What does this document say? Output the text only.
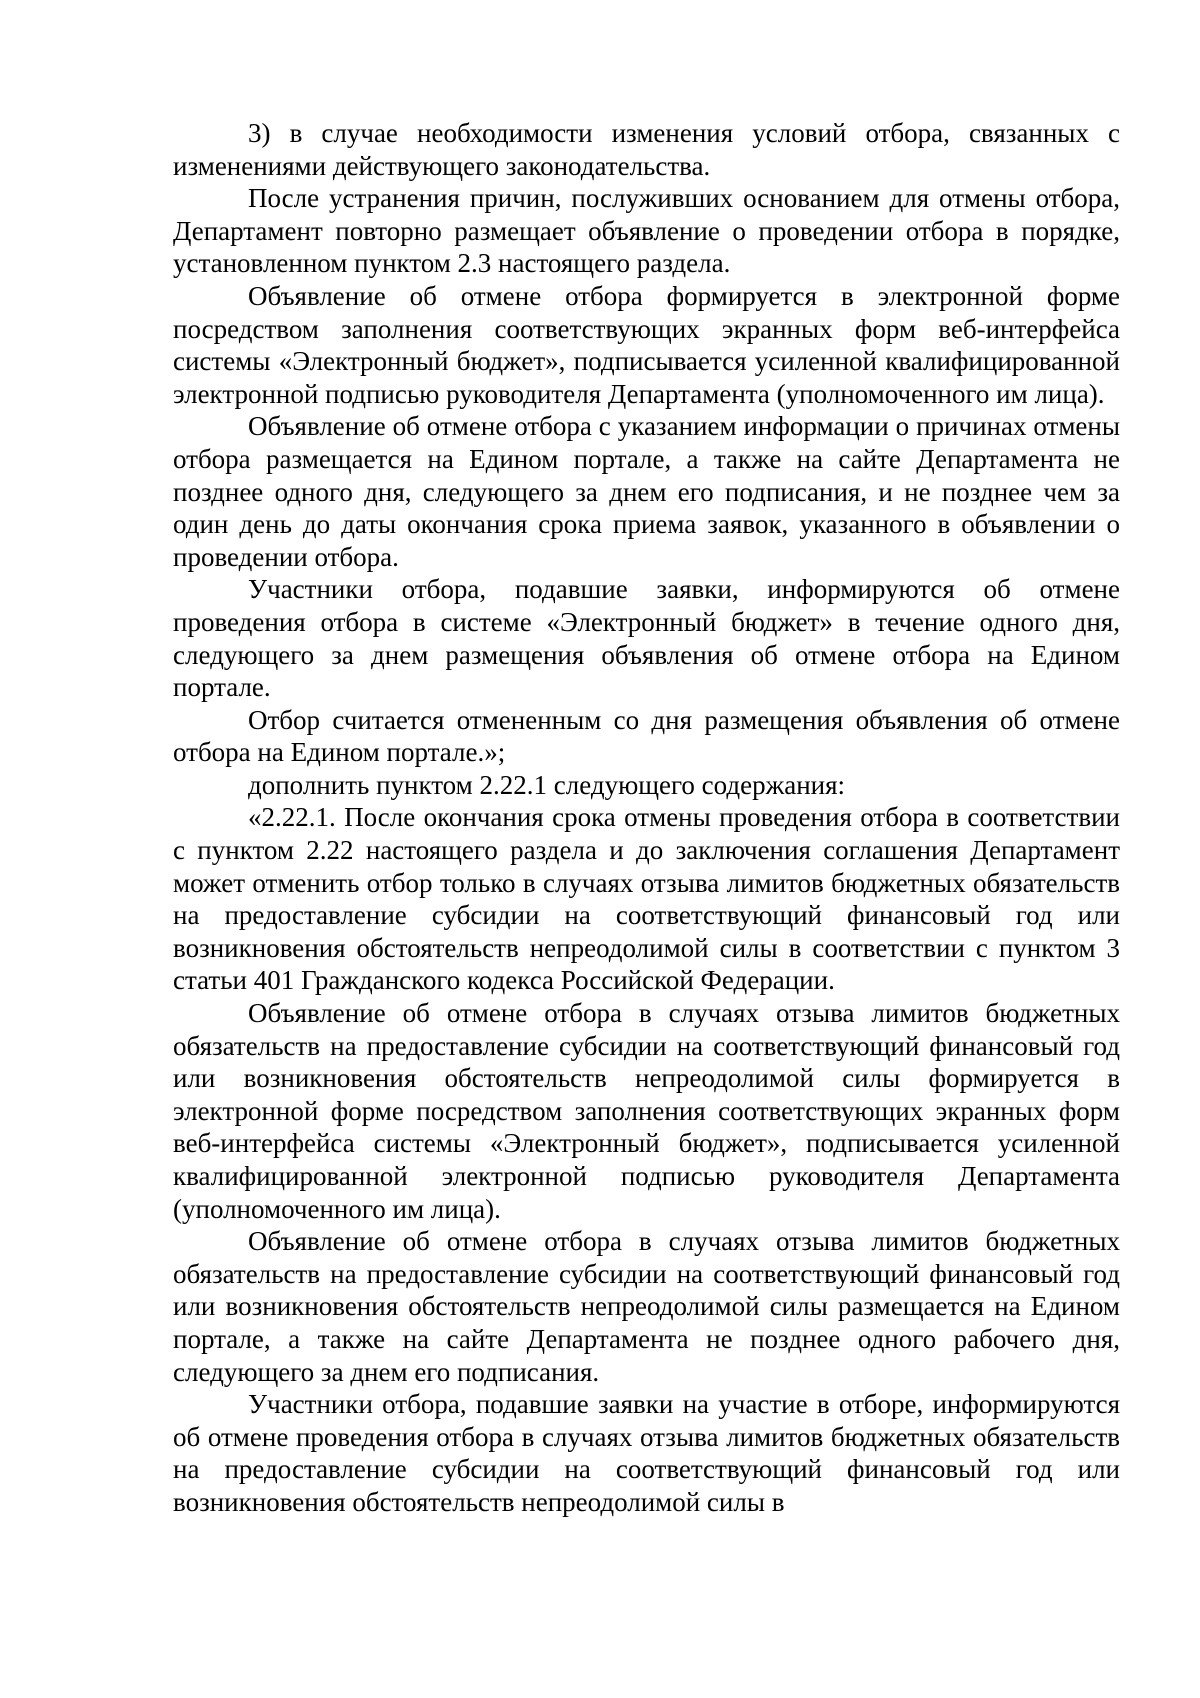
3) в случае необходимости изменения условий отбора, связанных с изменениями действующего законодательства.

После устранения причин, послуживших основанием для отмены отбора, Департамент повторно размещает объявление о проведении отбора в порядке, установленном пунктом 2.3 настоящего раздела.

Объявление об отмене отбора формируется в электронной форме посредством заполнения соответствующих экранных форм веб-интерфейса системы «Электронный бюджет», подписывается усиленной квалифицированной электронной подписью руководителя Департамента (уполномоченного им лица).

Объявление об отмене отбора с указанием информации о причинах отмены отбора размещается на Едином портале, а также на сайте Департамента не позднее одного дня, следующего за днем его подписания, и не позднее чем за один день до даты окончания срока приема заявок, указанного в объявлении о проведении отбора.

Участники отбора, подавшие заявки, информируются об отмене проведения отбора в системе «Электронный бюджет» в течение одного дня, следующего за днем размещения объявления об отмене отбора на Едином портале.

Отбор считается отмененным со дня размещения объявления об отмене отбора на Едином портале.»;

дополнить пунктом 2.22.1 следующего содержания:

«2.22.1. После окончания срока отмены проведения отбора в соответствии с пунктом 2.22 настоящего раздела и до заключения соглашения Департамент может отменить отбор только в случаях отзыва лимитов бюджетных обязательств на предоставление субсидии на соответствующий финансовый год или возникновения обстоятельств непреодолимой силы в соответствии с пунктом 3 статьи 401 Гражданского кодекса Российской Федерации.

Объявление об отмене отбора в случаях отзыва лимитов бюджетных обязательств на предоставление субсидии на соответствующий финансовый год или возникновения обстоятельств непреодолимой силы формируется в электронной форме посредством заполнения соответствующих экранных форм веб-интерфейса системы «Электронный бюджет», подписывается усиленной квалифицированной электронной подписью руководителя Департамента (уполномоченного им лица).

Объявление об отмене отбора в случаях отзыва лимитов бюджетных обязательств на предоставление субсидии на соответствующий финансовый год или возникновения обстоятельств непреодолимой силы размещается на Едином портале, а также на сайте Департамента не позднее одного рабочего дня, следующего за днем его подписания.

Участники отбора, подавшие заявки на участие в отборе, информируются об отмене проведения отбора в случаях отзыва лимитов бюджетных обязательств на предоставление субсидии на соответствующий финансовый год или возникновения обстоятельств непреодолимой силы в
